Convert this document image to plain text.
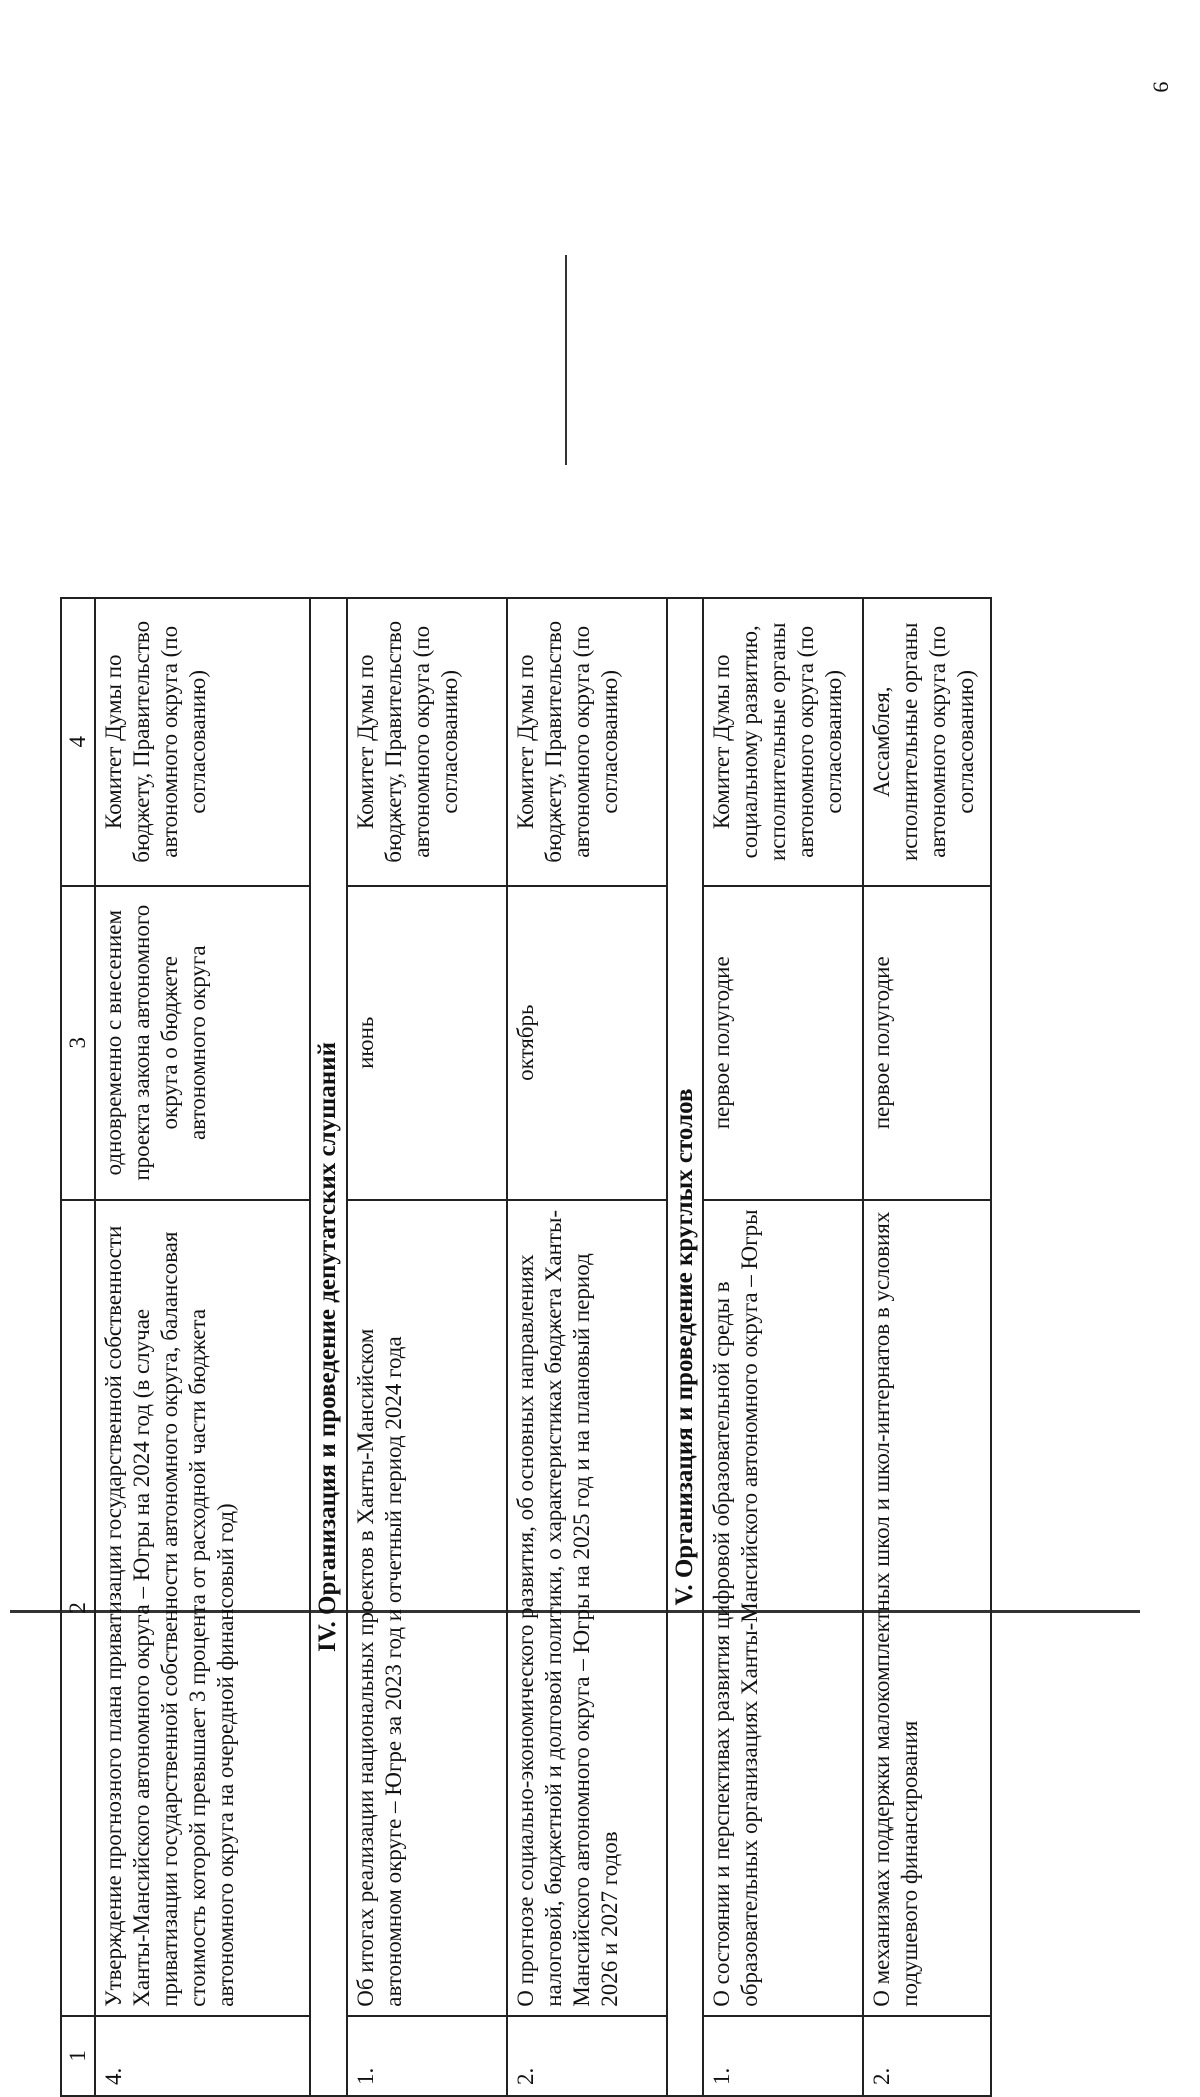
9
1	2	3	4
4.	Утверждение прогнозного плана приватизации государственной собственности Ханты-Мансийского автономного округа – Югры на 2024 год (в случае приватизации государственной собственности автономного округа, балансовая стоимость которой превышает 3 процента от расходной части бюджета автономного округа на очередной финансовый год)	одновременно с внесением проекта закона автономного округа о бюджете автономного округа	Комитет Думы по бюджету, Правительство автономного округа (по согласованию)
IV. Организация и проведение депутатских слушаний			
1.	Об итогах реализации национальных проектов в Ханты-Мансийском автономном округе – Югре за 2023 год и отчетный период 2024 года	июнь	Комитет Думы по бюджету, Правительство автономного округа (по согласованию)
2.	О прогнозе социально-экономического развития, об основных направлениях налоговой, бюджетной и долговой политики, о характеристиках бюджета Ханты-Мансийского автономного округа – Югры на 2025 год и на плановый период 2026 и 2027 годов	октябрь	Комитет Думы по бюджету, Правительство автономного округа (по согласованию)
V. Организация и проведение круглых столов			
1.	О состоянии и перспективах развития цифровой образовательной среды в образовательных организациях Ханты-Мансийского автономного округа – Югры	первое полугодие	Комитет Думы по социальному развитию, исполнительные органы автономного округа (по согласованию)
2.	О механизмах поддержки малокомплектных школ и школ-интернатов в условиях подушевого финансирования	первое полугодие	Ассамблея, исполнительные органы автономного округа (по согласованию)
